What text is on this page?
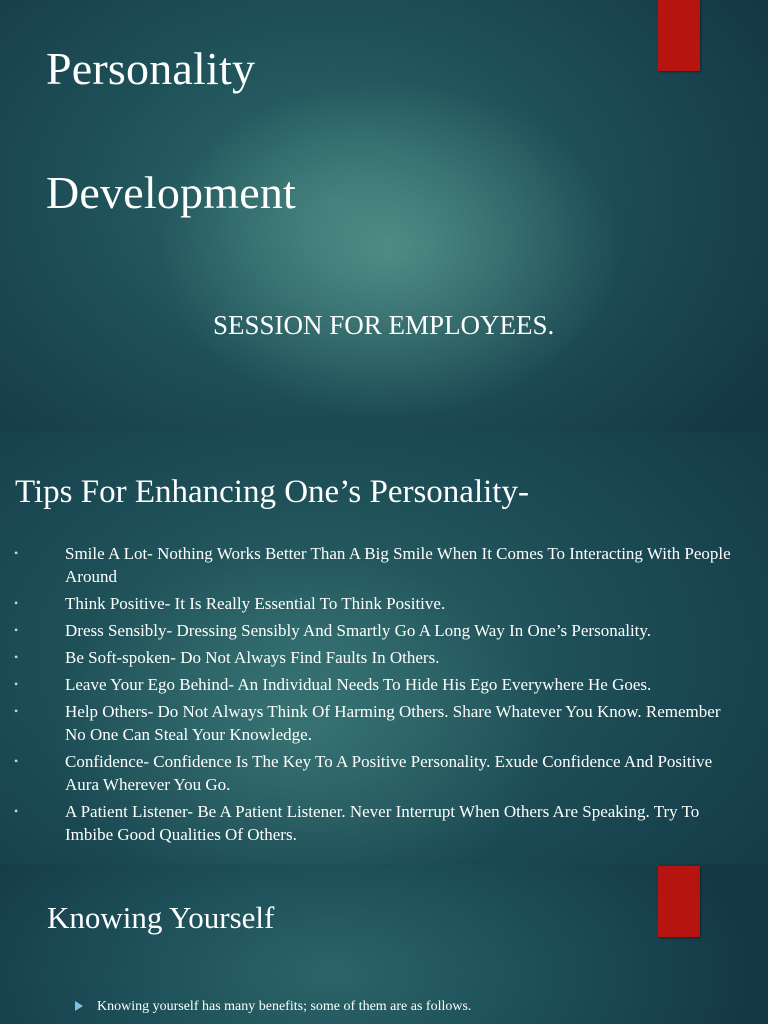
Personality
Development
SESSION FOR EMPLOYEES.
Tips For Enhancing One’s Personality-
•	Smile A Lot- Nothing Works Better Than A Big Smile When It Comes To Interacting With People Around
•	Think Positive- It Is Really Essential To Think Positive.
•	Dress Sensibly- Dressing Sensibly And Smartly Go A Long Way In One’s Personality.
•	Be Soft-spoken- Do Not Always Find Faults In Others.
•	Leave Your Ego Behind- An Individual Needs To Hide His Ego Everywhere He Goes.
•	Help Others- Do Not Always Think Of Harming Others. Share Whatever You Know. Remember No One Can Steal Your Knowledge.
•	Confidence- Confidence Is The Key To A Positive Personality. Exude Confidence And Positive Aura Wherever You Go.
•	A Patient Listener- Be A Patient Listener. Never Interrupt When Others Are Speaking. Try To Imbibe Good Qualities Of Others.
Knowing Yourself
Knowing yourself has many benefits; some of them are as follows.
